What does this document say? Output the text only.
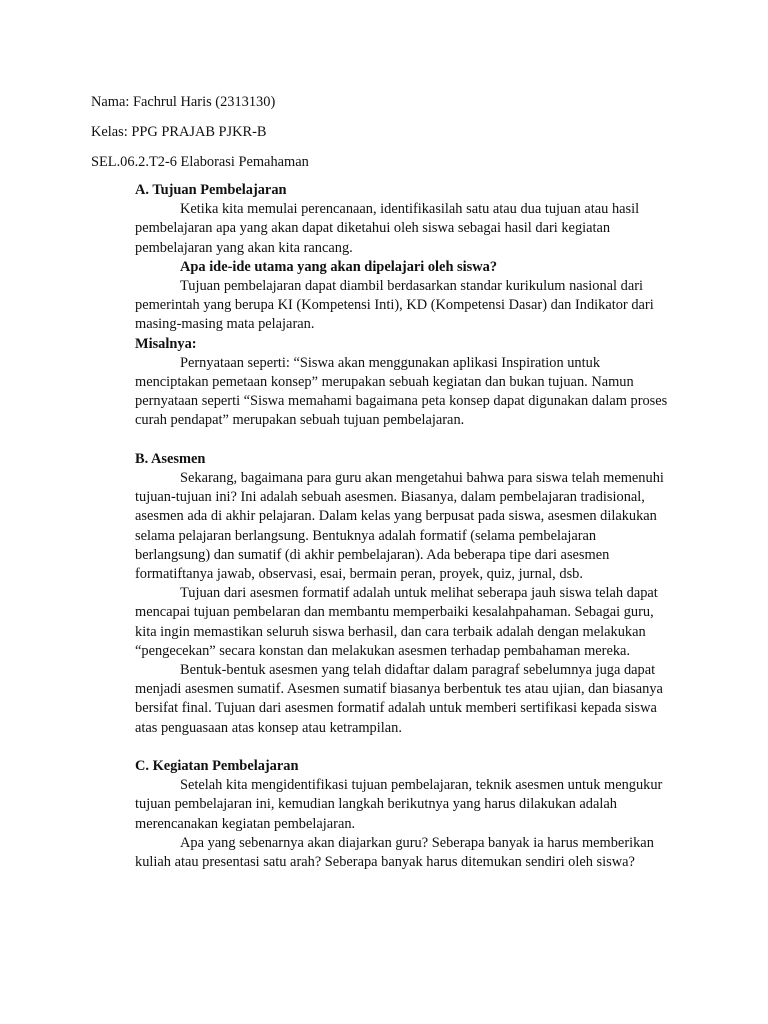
Nama: Fachrul Haris (2313130)

Kelas: PPG PRAJAB PJKR-B

SEL.06.2.T2-6 Elaborasi Pemahaman

A. Tujuan Pembelajaran

Ketika kita memulai perencanaan, identifikasilah satu atau dua tujuan atau hasil pembelajaran apa yang akan dapat diketahui oleh siswa sebagai hasil dari kegiatan pembelajaran yang akan kita rancang.

Apa ide-ide utama yang akan dipelajari oleh siswa?

Tujuan pembelajaran dapat diambil berdasarkan standar kurikulum nasional dari pemerintah yang berupa KI (Kompetensi Inti), KD (Kompetensi Dasar) dan Indikator dari masing-masing mata pelajaran.

Misalnya:

Pernyataan seperti: “Siswa akan menggunakan aplikasi Inspiration untuk menciptakan pemetaan konsep” merupakan sebuah kegiatan dan bukan tujuan. Namun pernyataan seperti “Siswa memahami bagaimana peta konsep dapat digunakan dalam proses curah pendapat” merupakan sebuah tujuan pembelajaran.

B. Asesmen

Sekarang, bagaimana para guru akan mengetahui bahwa para siswa telah memenuhi tujuan-tujuan ini? Ini adalah sebuah asesmen. Biasanya, dalam pembelajaran tradisional, asesmen ada di akhir pelajaran. Dalam kelas yang berpusat pada siswa, asesmen dilakukan selama pelajaran berlangsung. Bentuknya adalah formatif (selama pembelajaran berlangsung) dan sumatif (di akhir pembelajaran). Ada beberapa tipe dari asesmen formatiftanya jawab, observasi, esai, bermain peran, proyek, quiz, jurnal, dsb.

Tujuan dari asesmen formatif adalah untuk melihat seberapa jauh siswa telah dapat mencapai tujuan pembelaran dan membantu memperbaiki kesalahpahaman. Sebagai guru, kita ingin memastikan seluruh siswa berhasil, dan cara terbaik adalah dengan melakukan “pengecekan” secara konstan dan melakukan asesmen terhadap pembahaman mereka.

Bentuk-bentuk asesmen yang telah didaftar dalam paragraf sebelumnya juga dapat menjadi asesmen sumatif. Asesmen sumatif biasanya berbentuk tes atau ujian, dan biasanya bersifat final. Tujuan dari asesmen formatif adalah untuk memberi sertifikasi kepada siswa atas penguasaan atas konsep atau ketrampilan.

C. Kegiatan Pembelajaran

Setelah kita mengidentifikasi tujuan pembelajaran, teknik asesmen untuk mengukur tujuan pembelajaran ini, kemudian langkah berikutnya yang harus dilakukan adalah merencanakan kegiatan pembelajaran.

Apa yang sebenarnya akan diajarkan guru? Seberapa banyak ia harus memberikan kuliah atau presentasi satu arah? Seberapa banyak harus ditemukan sendiri oleh siswa?
